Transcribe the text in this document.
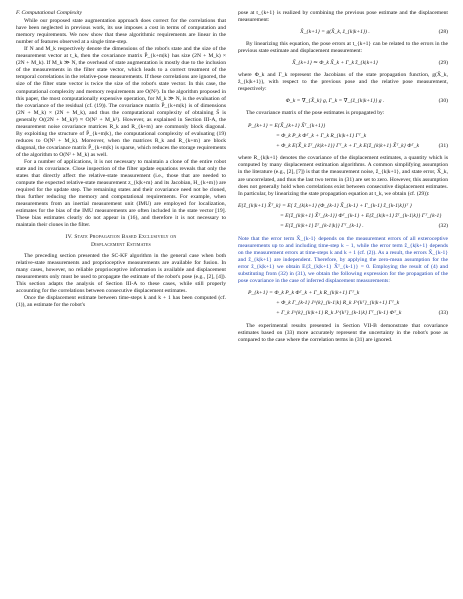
F. Computational Complexity

While our proposed state augmentation approach does correct for the correlations that have been neglected in previous work, its use imposes a cost in terms of computation and memory requirements. We now show that these algorithmic requirements are linear in the number of features observed at a single time-step.

If N and M_k respectively denote the dimensions of the robot's state and the size of the measurement vector at t_k, then the covariance matrix P̆_{k+m|k} has size (2N + M_k) × (2N + M_k). If M_k ≫ N, the overhead of state augmentation is mostly due to the inclusion of the measurements in the filter state vector, which leads to a correct treatment of the temporal correlations in the relative-pose measurements. If these correlations are ignored, the size of the filter state vector is twice the size of the robot's state vector. In this case, the computational complexity and memory requirements are O(N²). In the algorithm proposed in this paper, the most computationally expensive operation, for M_k ≫ N, is the evaluation of the covariance of the residual (cf. (19)). The covariance matrix P̆_{k+m|k} is of dimensions (2N + M_k) × (2N + M_k), and thus the computational complexity of obtaining S̆ is generally O((2N + M_k)²) ≈ O(N² + M_k²). However, as explained in Section III-A, the measurement noise covariance matrices R_k and R_{k+m} are commonly block diagonal. By exploiting the structure of P̆_{k+m|k}, the computational complexity of evaluating (19) reduces to O(N² + M_k). Moreover, when the matrices R_k and R_{k+m} are block diagonal, the covariance matrix P̆_{k+m|k} is sparse, which reduces the storage requirements of the algorithm to O(N² + M_k) as well.

For a number of applications, it is not necessary to maintain a clone of the entire robot state and its covariance. Close inspection of the filter update equations reveals that only the states that directly affect the relative-state measurement (i.e., those that are needed to compute the expected relative-state measurement z_{k|k+m} and its Jacobian, H_{k+m}) are required for the update step. The remaining states and their covariance need not be cloned, thus further reducing the memory and computational requirements. For example, when measurements from an inertial measurement unit (IMU) are employed for localization, estimates for the bias of the IMU measurements are often included in the state vector [19]. These bias estimates clearly do not appear in (16), and therefore it is not necessary to maintain their clones in the filter.

IV. State Propagation Based Exclusively on
Displacement Estimates

The preceding section presented the SC-KF algorithm in the general case when both relative-state measurements and proprioceptive measurements are available for fusion. In many cases, however, no reliable proprioceptive information is available and displacement measurements only must be used to propagate the estimate of the robot's pose (e.g., [2], [4]). This section adapts the analysis of Section III-A to these cases, while still properly accounting for the correlations between consecutive displacement estimates.

Once the displacement estimate between time-steps k and k + 1 has been computed (cf. (1)), an estimate for the robot's

pose at t_{k+1} is realized by combining the previous pose estimate and the displacement measurement:

X̂_{k+1} = g(X̂_k, ẑ_{k|k+1}) .	(28)

By linearizing this equation, the pose errors at t_{k+1} can be related to the errors in the previous state estimate and displacement measurement:

X̃_{k+1} ≃ Φ_k X̃_k + Γ_k z̃_{k|k+1}	(29)

where Φ_k and Γ_k represent the Jacobians of the state propagation function, g(X̂_k, ẑ_{k|k+1}), with respect to the previous pose and the relative pose measurement, respectively:

Φ_k = ∇_{X̂_k} g, Γ_k = ∇_{ẑ_{k|k+1}} g .	(30)

The covariance matrix of the pose estimates is propagated by:

P_{k+1} = E{X̃_{k+1} X̃ᵀ_{k+1}}
= Φ_k P_k Φᵀ_k + Γ_k R_{k|k+1} Γᵀ_k
+ Φ_k E{X̃_k z̃ᵀ_{k|k+1}} Γᵀ_k + Γ_k E{z̃_{k|k+1} X̃ᵀ_k} Φᵀ_k	(31)

where R_{k|k+1} denotes the covariance of the displacement estimates, a quantity which is computed by many displacement estimation algorithms. A common simplifying assumption in the literature (e.g., [2], [7]) is that the measurement noise, z̃_{k|k+1}, and state error, X̃_k, are uncorrelated, and thus the last two terms in (31) are set to zero. However, this assumption does not generally hold when correlations exist between consecutive displacement estimates. In particular, by linearizing the state propagation equation at t_k, we obtain (cf. (29)):

E{z̃_{k|k+1} X̃ᵀ_k} = E{ z̃_{k|k+1} (Φ_{k-1} X̃_{k-1} + Γ_{k-1} z̃_{k-1|k})ᵀ }
= E{z̃_{k|k+1} X̃ᵀ_{k-1}} Φᵀ_{k-1} + E{z̃_{k|k+1} z̃ᵀ_{k-1|k}} Γᵀ_{k-1}
= E{z̃_{k|k+1} z̃ᵀ_{k-1|k}} Γᵀ_{k-1} .	(32)

Note that the error term X̃_{k-1} depends on the measurement errors of all exteroceptive measurements up to and including time-step k − 1, while the error term z̃_{k|k+1} depends on the measurement errors at time-steps k and k + 1 (cf. (2)). As a result, the errors X̃_{k-1} and z̃_{k|k+1} are independent. Therefore, by applying the zero-mean assumption for the error z̃_{k|k+1} we obtain E{z̃_{k|k+1} X̃ᵀ_{k-1}} = 0. Employing the result of (4) and substituting from (32) in (31), we obtain the following expression for the propagation of the pose covariance in the case of inferred displacement measurements:

P_{k+1} = Φ_k P_k Φᵀ_k + Γ_k R_{k|k+1} Γᵀ_k
+ Φ_k Γ_{k-1} J^{k}_{k-1|k} R_k J^{kᵀ}_{k|k+1} Γᵀ_k
+ Γ_k J^{k}_{k|k+1} R_k J^{kᵀ}_{k-1|k} Γᵀ_{k-1} Φᵀ_k	(33)

The experimental results presented in Section VII-B demonstrate that covariance estimates based on (33) more accurately represent the uncertainty in the robot's pose as compared to the case where the correlation terms in (31) are ignored.
